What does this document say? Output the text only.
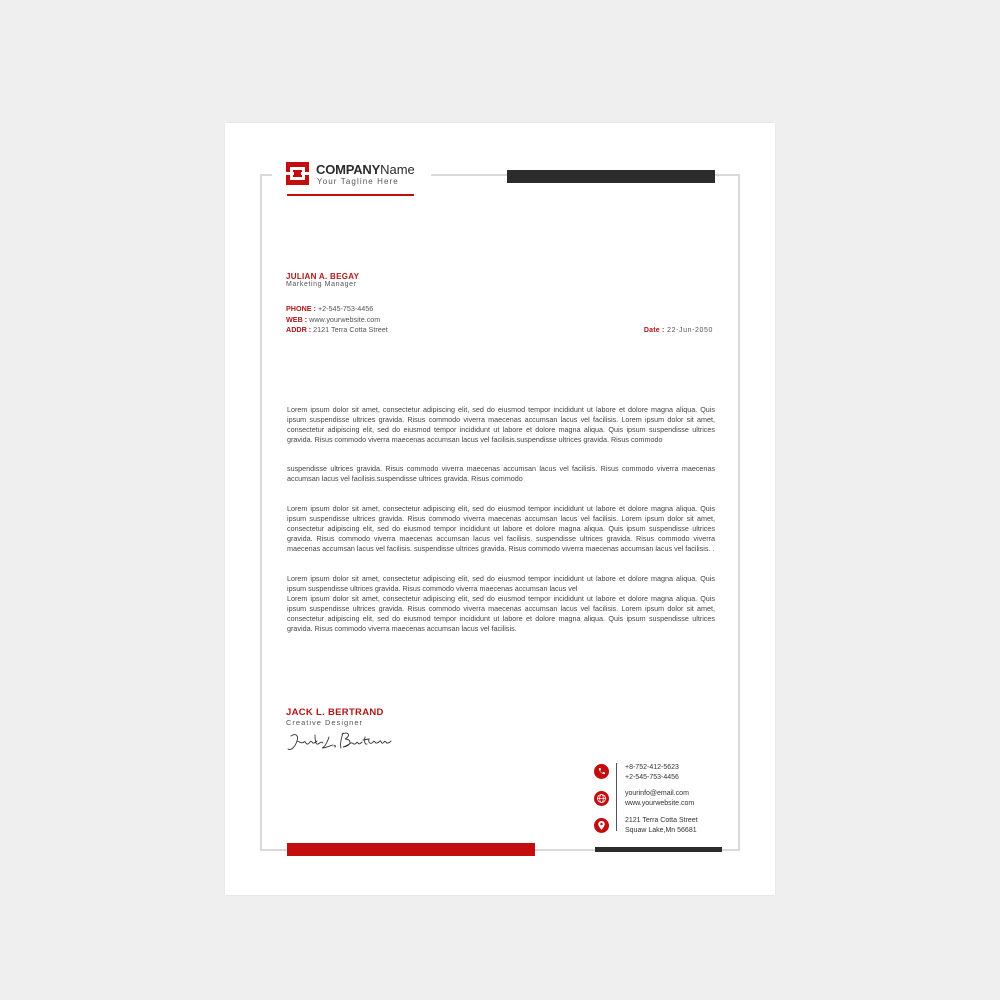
COMPANYName
Your Tagline Here
JULIAN A. BEGAY
Marketing Manager
PHONE : +2-545-753-4456
WEB : www.yourwebsite.com
ADDR : 2121 Terra Cotta Street	Date : 22-Jun-2050

Lorem ipsum dolor sit amet, consectetur adipiscing elit, sed do eiusmod tempor incididunt ut labore et dolore magna aliqua. Quis ipsum suspendisse ultrices gravida. Risus commodo viverra maecenas accumsan lacus vel facilisis. Lorem ipsum dolor sit amet, consectetur adipiscing elit, sed do eiusmod tempor incididunt ut labore et dolore magna aliqua. Quis ipsum suspendisse ultrices gravida. Risus commodo viverra maecenas accumsan lacus vel facilisis.suspendisse ultrices gravida. Risus commodo

suspendisse ultrices gravida. Risus commodo viverra maecenas accumsan lacus vel facilisis. Risus commodo viverra maecenas accumsan lacus vel facilisis.suspendisse ultrices gravida. Risus commodo

Lorem ipsum dolor sit amet, consectetur adipiscing elit, sed do eiusmod tempor incididunt ut labore et dolore magna aliqua. Quis ipsum suspendisse ultrices gravida. Risus commodo viverra maecenas accumsan lacus vel facilisis. Lorem ipsum dolor sit amet, consectetur adipiscing elit, sed do eiusmod tempor incididunt ut labore et dolore magna aliqua. Quis ipsum suspendisse ultrices gravida. Risus commodo viverra maecenas accumsan lacus vel facilisis. suspendisse ultrices gravida. Risus commodo viverra maecenas accumsan lacus vel facilisis. suspendisse ultrices gravida. Risus commodo viverra maecenas accumsan lacus vel facilisis. .

Lorem ipsum dolor sit amet, consectetur adipiscing elit, sed do eiusmod tempor incididunt ut labore et dolore magna aliqua. Quis ipsum suspendisse ultrices gravida. Risus commodo viverra maecenas accumsan lacus vel
Lorem ipsum dolor sit amet, consectetur adipiscing elit, sed do eiusmod tempor incididunt ut labore et dolore magna aliqua. Quis ipsum suspendisse ultrices gravida. Risus commodo viverra maecenas accumsan lacus vel facilisis. Lorem ipsum dolor sit amet, consectetur adipiscing elit, sed do eiusmod tempor incididunt ut labore et dolore magna aliqua. Quis ipsum suspendisse ultrices gravida. Risus commodo viverra maecenas accumsan lacus vel facilisis.
JACK L. BERTRAND
Creative Designer
+8-752-412-5623
+2-545-753-4456
yourinfo@email.com
www.yourwebsite.com
2121 Terra Cotta Street
Squaw Lake,Mn 56681
